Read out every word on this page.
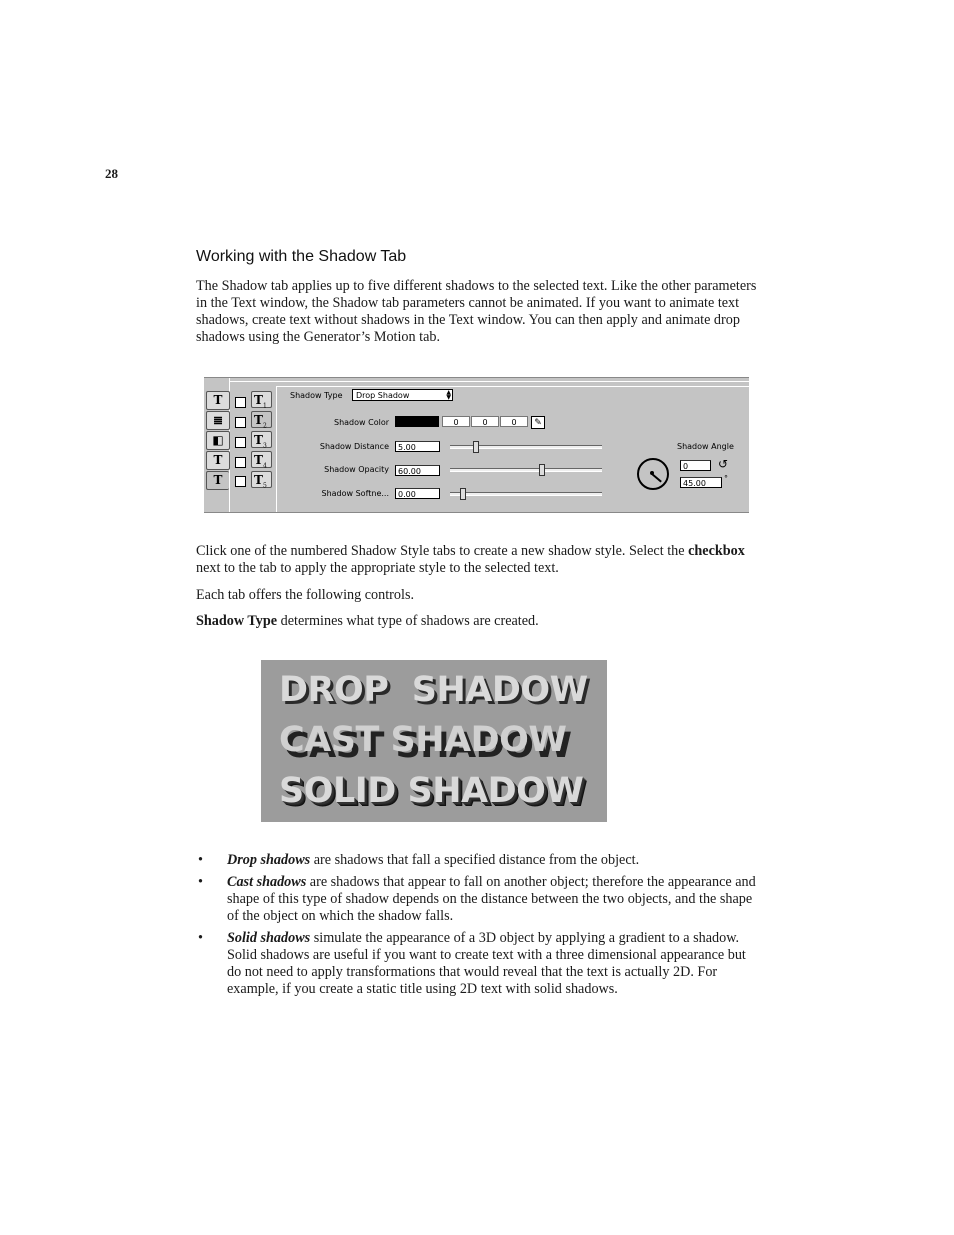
28
Working with the Shadow Tab

The Shadow tab applies up to five different shadows to the selected text. Like the other parameters in the Text window, the Shadow tab parameters cannot be animated. If you want to animate text shadows, create text without shadows in the Text window. You can then apply and animate drop shadows using the Generator’s Motion tab.

T
≣
◧
T
T
$T_1$
$T_2$
$T_3$
$T_4$
$T_5$
Shadow Type	Drop Shadow	▲
▼
Shadow Color	0	0	0	✎
Shadow Distance	5.00
Shadow Opacity	60.00
Shadow Softne...	0.00
Shadow Angle
0	↺
45.00
°

Click one of the numbered Shadow Style tabs to create a new shadow style. Select the checkbox next to the tab to apply the appropriate style to the selected text.

Each tab offers the following controls.

Shadow Type determines what type of shadows are created.

DROP  SHADOW
CAST SHADOW
SOLID SHADOW
• Drop shadows are shadows that fall a specified distance from the object.
• Cast shadows are shadows that appear to fall on another object; therefore the appearance and shape of this type of shadow depends on the distance between the two objects, and the shape of the object on which the shadow falls.
• Solid shadows simulate the appearance of a 3D object by applying a gradient to a shadow. Solid shadows are useful if you want to create text with a three dimensional appearance but do not need to apply transformations that would reveal that the text is actually 2D. For example, if you create a static title using 2D text with solid shadows.
